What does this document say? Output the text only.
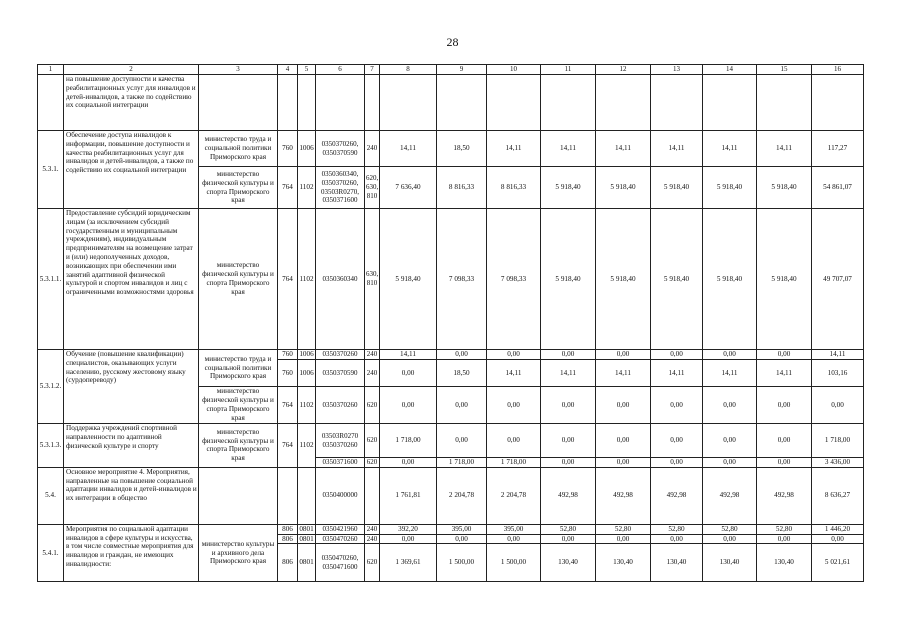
28
1	2	3	4	5	6	7	8	9	10	11	12	13	14	15	16
	на повышение доступности и качества реабилитационных услуг для инвалидов и детей-инвалидов, а также по содействию их социальной интеграции														
5.3.1.	Обеспечение доступа инвалидов к информации, повышение доступности и качества реабилитационных услуг для инвалидов и детей-инвалидов, а также по содействию их социальной интеграции	министерство труда и социальной политики Приморского края	760	1006	0350370260, 0350370590	240	14,11	18,50	14,11	14,11	14,11	14,11	14,11	14,11	117,27
		министерство физической культуры и спорта Приморского края	764	1102	0350360340, 0350370260, 03503R0270, 0350371600	620, 630, 810	7 636,40	8 816,33	8 816,33	5 918,40	5 918,40	5 918,40	5 918,40	5 918,40	54 861,07
5.3.1.1.	Предоставление субсидий юридическим лицам (за исключением субсидий государственным и муниципальным учреждениям), индивидуальным предпринимателям на возмещение затрат и (или) недополученных доходов, возникающих при обеспечении ими занятий адаптивной физической культурой и спортом инвалидов и лиц с ограниченными возможностями здоровья	министерство физической культуры и спорта Приморского края	764	1102	0350360340	630, 810	5 918,40	7 098,33	7 098,33	5 918,40	5 918,40	5 918,40	5 918,40	5 918,40	49 707,07
5.3.1.2.	Обучение (повышение квалификации) специалистов, оказывающих услуги населению, русскому жестовому языку (сурдопереводу)	министерство труда и социальной политики Приморского края	760	1006	0350370260	240	14,11	0,00	0,00	0,00	0,00	0,00	0,00	0,00	14,11
			760	1006	0350370590	240	0,00	18,50	14,11	14,11	14,11	14,11	14,11	14,11	103,16
		министерство физической культуры и спорта Приморского края	764	1102	0350370260	620	0,00	0,00	0,00	0,00	0,00	0,00	0,00	0,00	0,00
5.3.1.3.	Поддержка учреждений спортивной направленности по адаптивной физической культуре и спорту	министерство физической культуры и спорта Приморского края	764	1102	03503R0270 0350370260	620	1 718,00	0,00	0,00	0,00	0,00	0,00	0,00	0,00	1 718,00
					0350371600	620	0,00	1 718,00	1 718,00	0,00	0,00	0,00	0,00	0,00	3 436,00
5.4.	Основное мероприятие 4. Мероприятия, направленные на повышение социальной адаптации инвалидов и детей-инвалидов и их интеграции в общество				0350400000		1 761,81	2 204,78	2 204,78	492,98	492,98	492,98	492,98	492,98	8 636,27
5.4.1.	Мероприятия по социальной адаптации инвалидов в сфере культуры и искусства, в том числе совместные мероприятия для инвалидов и граждан, не имеющих инвалидности:	министерство культуры и архивного дела Приморского края	806	0801	0350421960	240	392,20	395,00	395,00	52,80	52,80	52,80	52,80	52,80	1 446,20
			806	0801	0350470260	240	0,00	0,00	0,00	0,00	0,00	0,00	0,00	0,00	0,00
			806	0801	0350470260, 0350471600	620	1 369,61	1 500,00	1 500,00	130,40	130,40	130,40	130,40	130,40	5 021,61
